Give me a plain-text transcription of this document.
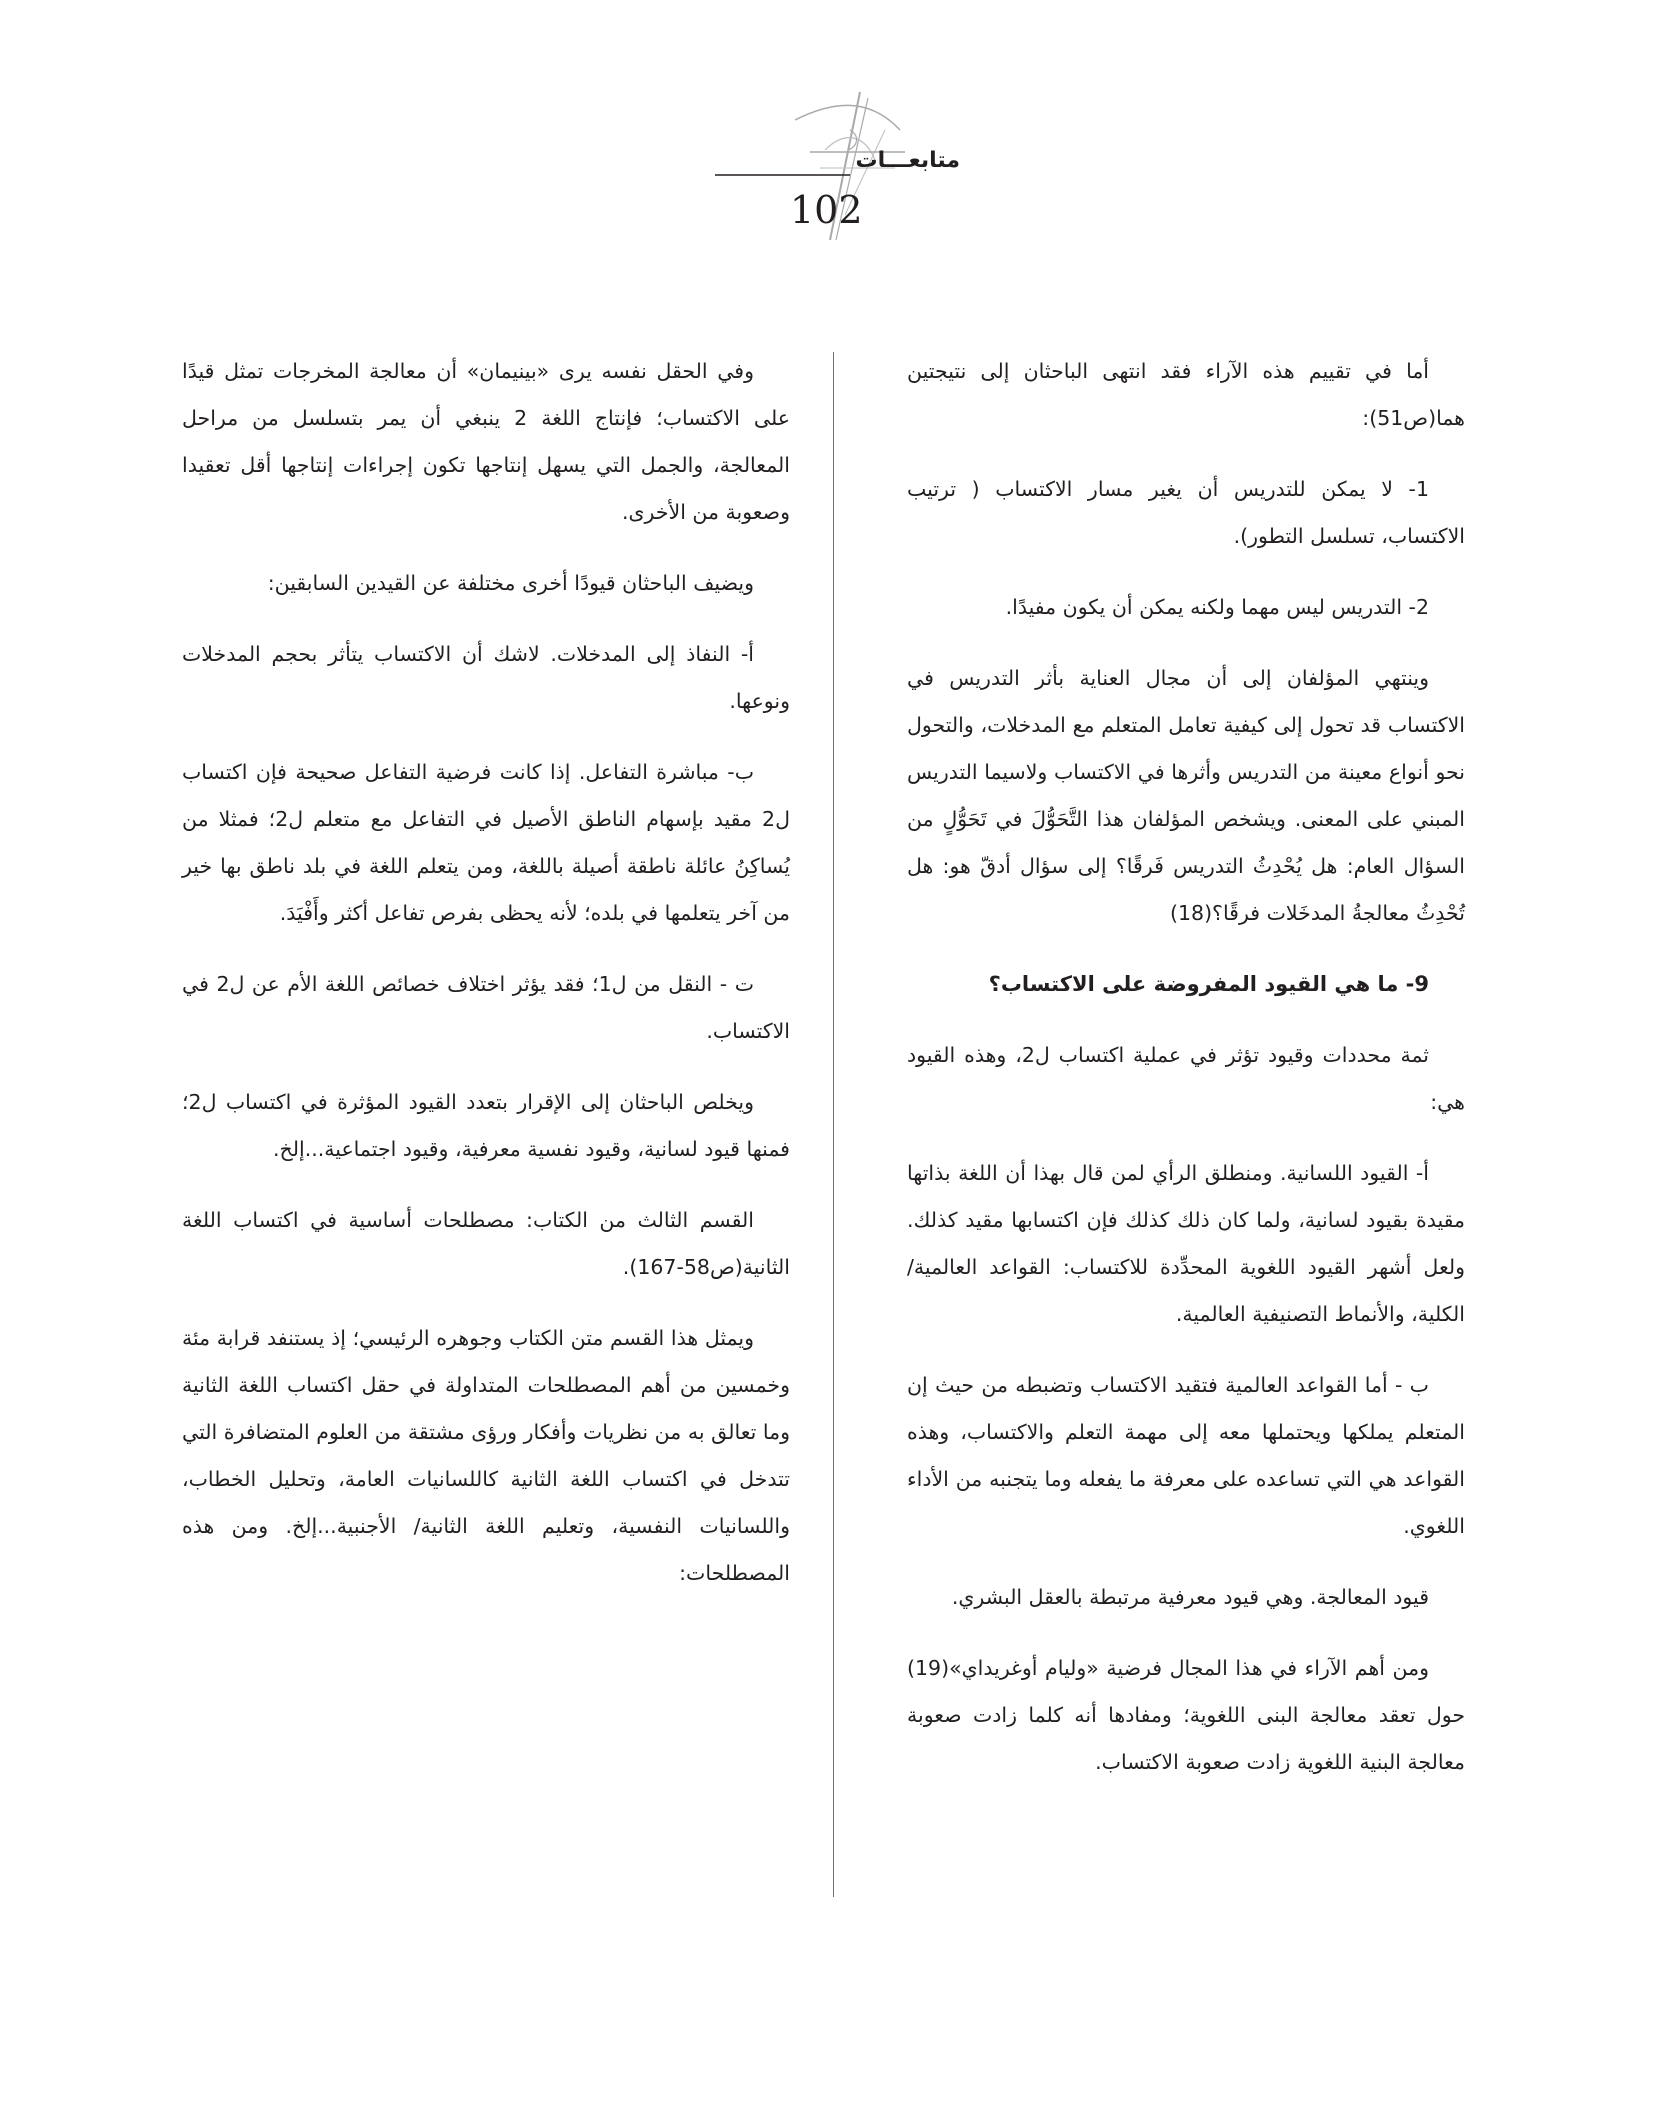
متابعـــات
102

أما في تقييم هذه الآراء فقد انتهى الباحثان إلى نتيجتين هما(ص51):

1- لا يمكن للتدريس أن يغير مسار الاكتساب ( ترتيب الاكتساب، تسلسل التطور).

2- التدريس ليس مهما ولكنه يمكن أن يكون مفيدًا.

وينتهي المؤلفان إلى أن مجال العناية بأثر التدريس في الاكتساب قد تحول إلى كيفية تعامل المتعلم مع المدخلات، والتحول نحو أنواع معينة من التدريس وأثرها في الاكتساب ولاسيما التدريس المبني على المعنى. ويشخص المؤلفان هذا التَّحَوُّلَ في تَحَوُّلٍ من السؤال العام: هل يُحْدِثُ التدريس فَرقًا؟ إلى سؤال أدقّ هو: هل تُحْدِثُ معالجةُ المدخَلات فرقًا؟(18)

9- ما هي القيود المفروضة على الاكتساب؟

ثمة محددات وقيود تؤثر في عملية اكتساب ل2، وهذه القيود هي:

أ- القيود اللسانية. ومنطلق الرأي لمن قال بهذا أن اللغة بذاتها مقيدة بقيود لسانية، ولما كان ذلك كذلك فإن اكتسابها مقيد كذلك. ولعل أشهر القيود اللغوية المحدِّدة للاكتساب: القواعد العالمية/ الكلية، والأنماط التصنيفية العالمية.

ب - أما القواعد العالمية فتقيد الاكتساب وتضبطه من حيث إن المتعلم يملكها ويحتملها معه إلى مهمة التعلم والاكتساب، وهذه القواعد هي التي تساعده على معرفة ما يفعله وما يتجنبه من الأداء اللغوي.

قيود المعالجة. وهي قيود معرفية مرتبطة بالعقل البشري.

ومن أهم الآراء في هذا المجال فرضية «وليام أوغريداي»(19) حول تعقد معالجة البنى اللغوية؛ ومفادها أنه كلما زادت صعوبة معالجة البنية اللغوية زادت صعوبة الاكتساب.

وفي الحقل نفسه يرى «بينيمان» أن معالجة المخرجات تمثل قيدًا على الاكتساب؛ فإنتاج اللغة 2 ينبغي أن يمر بتسلسل من مراحل المعالجة، والجمل التي يسهل إنتاجها تكون إجراءات إنتاجها أقل تعقيدا وصعوبة من الأخرى.

ويضيف الباحثان قيودًا أخرى مختلفة عن القيدين السابقين:

أ- النفاذ إلى المدخلات. لاشك أن الاكتساب يتأثر بحجم المدخلات ونوعها.

ب- مباشرة التفاعل. إذا كانت فرضية التفاعل صحيحة فإن اكتساب ل2 مقيد بإسهام الناطق الأصيل في التفاعل مع متعلم ل2؛ فمثلا من يُساكِنُ عائلة ناطقة أصيلة باللغة، ومن يتعلم اللغة في بلد ناطق بها خير من آخر يتعلمها في بلده؛ لأنه يحظى بفرص تفاعل أكثر وأَفْيَدَ.

ت - النقل من ل1؛ فقد يؤثر اختلاف خصائص اللغة الأم عن ل2 في الاكتساب.

ويخلص الباحثان إلى الإقرار بتعدد القيود المؤثرة في اكتساب ل2؛ فمنها قيود لسانية، وقيود نفسية معرفية، وقيود اجتماعية...إلخ.

القسم الثالث من الكتاب: مصطلحات أساسية في اكتساب اللغة الثانية(ص58-167).

ويمثل هذا القسم متن الكتاب وجوهره الرئيسي؛ إذ يستنفد قرابة مئة وخمسين من أهم المصطلحات المتداولة في حقل اكتساب اللغة الثانية وما تعالق به من نظريات وأفكار ورؤى مشتقة من العلوم المتضافرة التي تتدخل في اكتساب اللغة الثانية كاللسانيات العامة، وتحليل الخطاب، واللسانيات النفسية، وتعليم اللغة الثانية/ الأجنبية...إلخ. ومن هذه المصطلحات:
